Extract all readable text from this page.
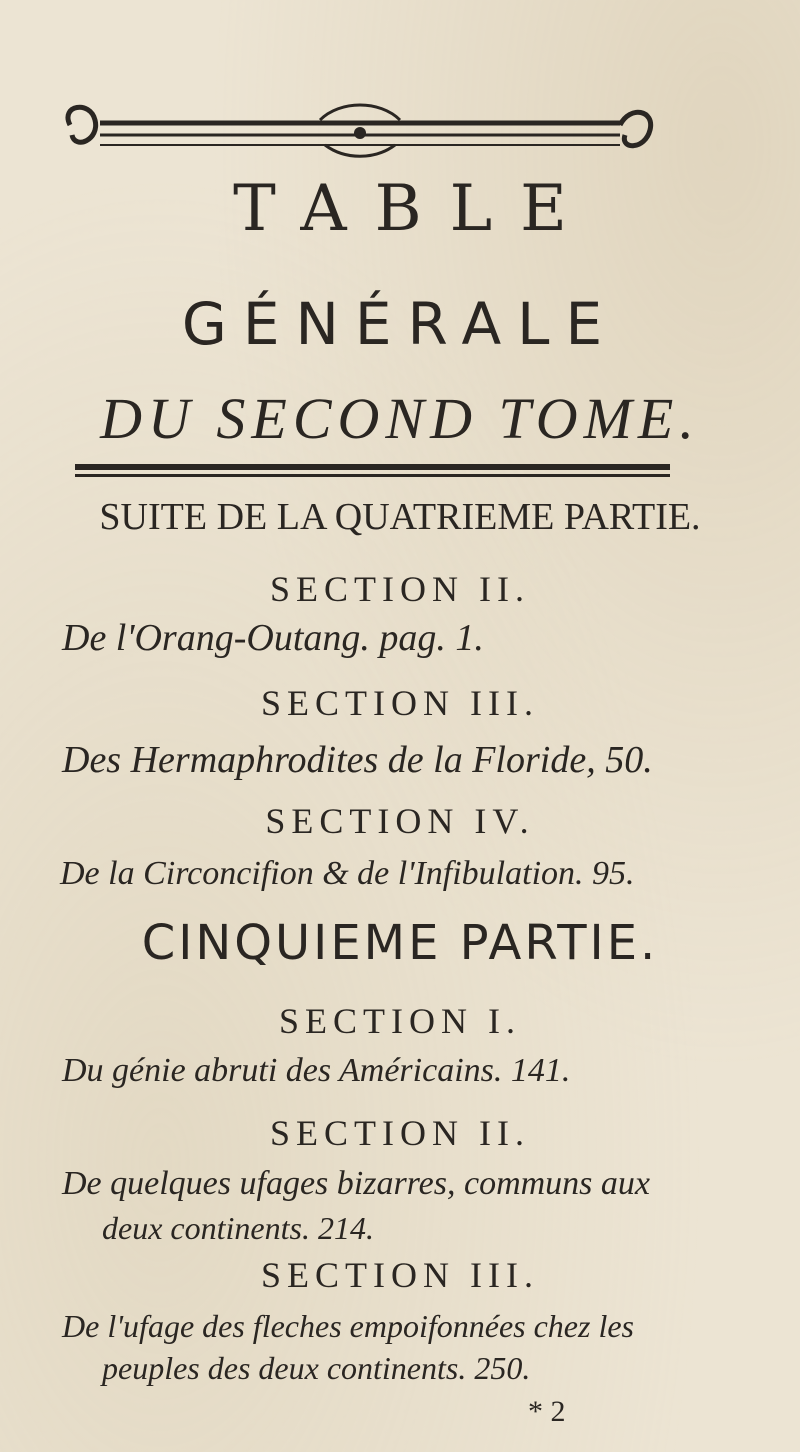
TABLE
GÉNÉRALE
DU SECOND TOME.
SUITE DE LA QUATRIEME PARTIE.
SECTION II.
De l'Orang-Outang. pag. 1.
SECTION III.
Des Hermaphrodites de la Floride, 50.
SECTION IV.
De la Circoncifion & de l'Infibulation. 95.
CINQUIEME PARTIE.
SECTION I.
Du génie abruti des Américains. 141.
SECTION II.
De quelques ufages bizarres, communs aux
deux continents. 214.
SECTION III.
De l'ufage des fleches empoifonnées chez les
peuples des deux continents. 250.
* 2
